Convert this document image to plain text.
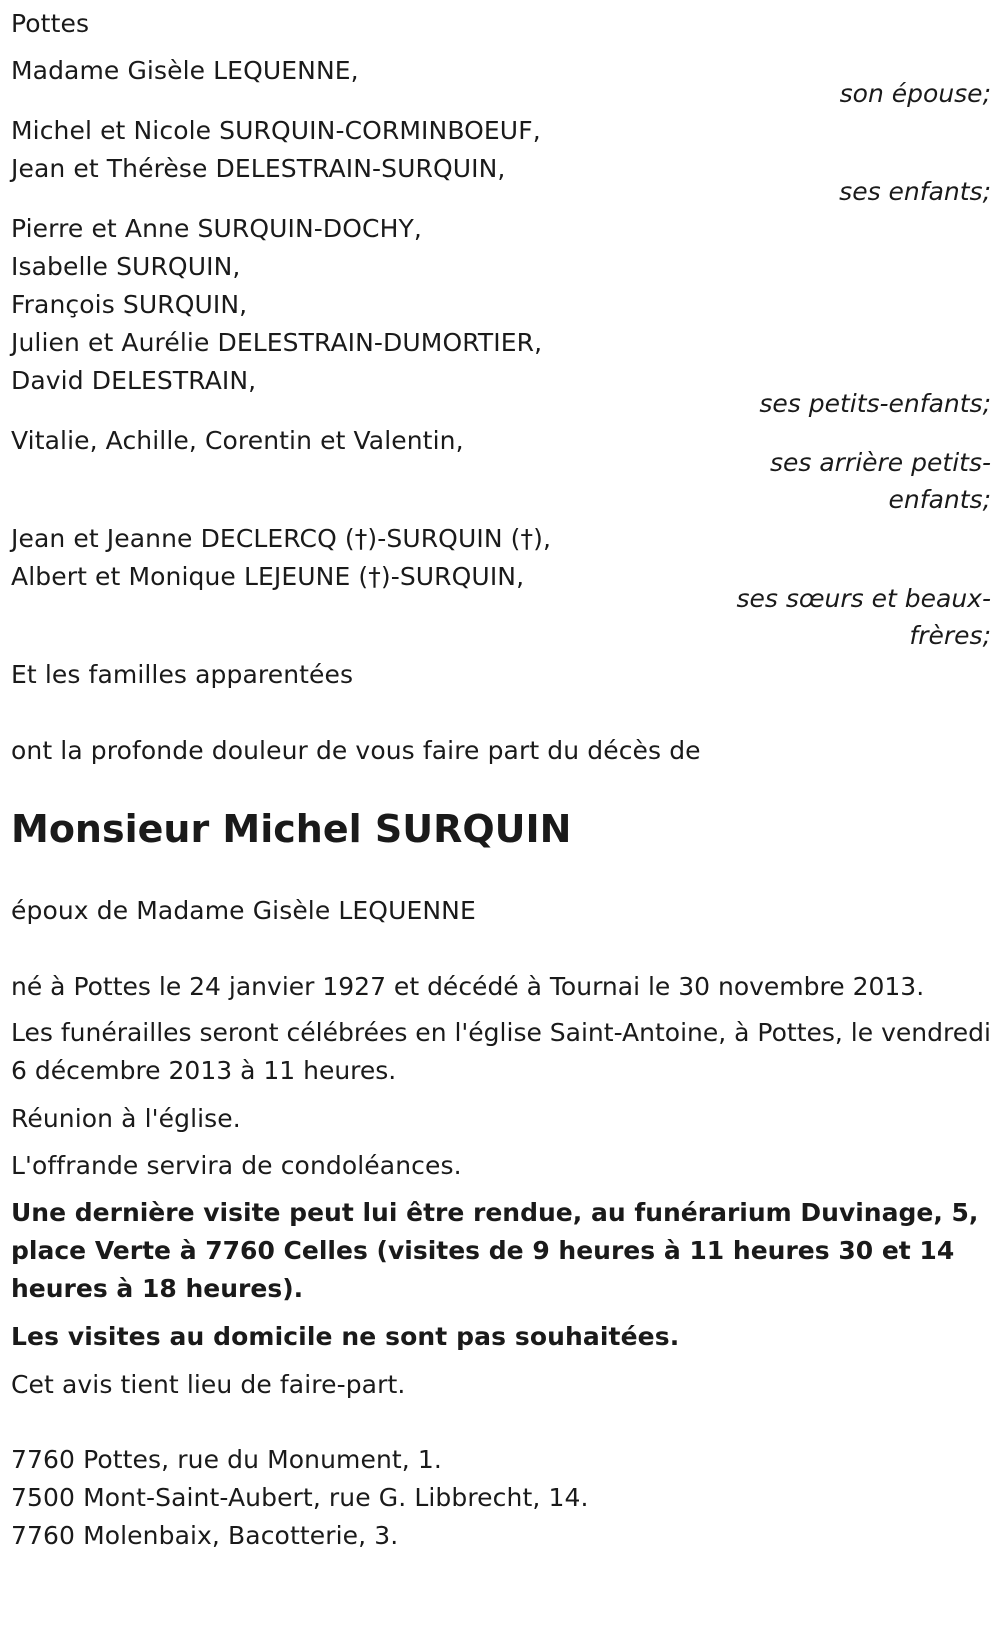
Pottes
Madame Gisèle LEQUENNE,
son épouse;
Michel et Nicole SURQUIN-CORMINBOEUF,
Jean et Thérèse DELESTRAIN-SURQUIN,
ses enfants;
Pierre et Anne SURQUIN-DOCHY,
Isabelle SURQUIN,
François SURQUIN,
Julien et Aurélie DELESTRAIN-DUMORTIER,
David DELESTRAIN,
ses petits-enfants;
Vitalie, Achille, Corentin et Valentin,
ses arrière petits-
enfants;
Jean et Jeanne DECLERCQ (†)-SURQUIN (†),
Albert et Monique LEJEUNE (†)-SURQUIN,
ses sœurs et beaux-
frères;
Et les familles apparentées
ont la profonde douleur de vous faire part du décès de
Monsieur Michel SURQUIN
époux de Madame Gisèle LEQUENNE
né à Pottes le 24 janvier 1927 et décédé à Tournai le 30 novembre 2013.
Les funérailles seront célébrées en l'église Saint-Antoine, à Pottes, le vendredi 6 décembre 2013 à 11 heures.
Réunion à l'église.
L'offrande servira de condoléances.
Une dernière visite peut lui être rendue, au funérarium Duvinage, 5, place Verte à 7760 Celles (visites de 9 heures à 11 heures 30 et 14 heures à 18 heures).
Les visites au domicile ne sont pas souhaitées.
Cet avis tient lieu de faire-part.
7760 Pottes, rue du Monument, 1.
7500 Mont-Saint-Aubert, rue G. Libbrecht, 14.
7760 Molenbaix, Bacotterie, 3.
